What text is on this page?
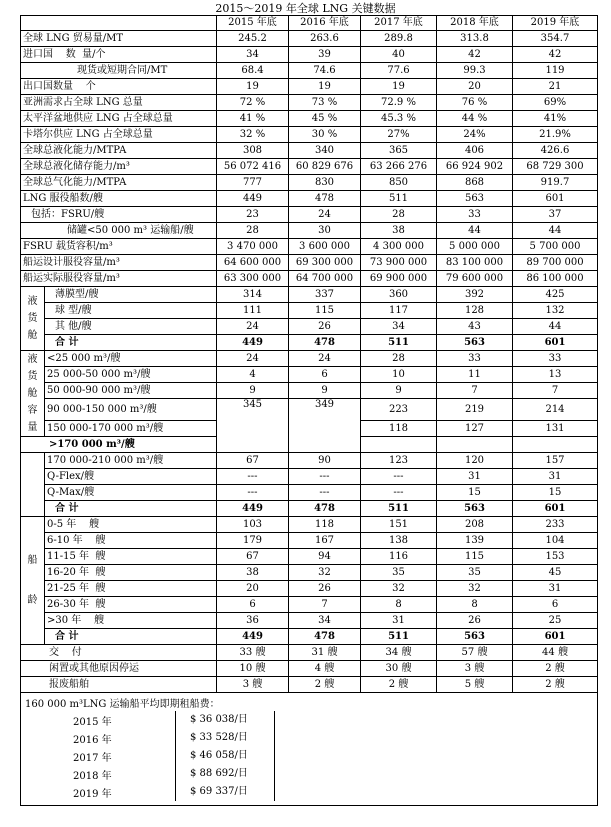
2015～2019 年全球 LNG 关键数据
		2015 年底	2016 年底	2017 年底	2018 年底	2019 年底
全球 LNG 贸易量/MT		245.2	263.6	289.8	313.8	354.7
进口国    数  量/个		34	39	40	42	42
现货或短期合同/MT		68.4	74.6	77.6	99.3	119
出口国数量    个		19	19	19	20	21
亚洲需求占全球 LNG 总量		72 %	73 %	72.9 %	76 %	69%
太平洋盆地供应 LNG 占全球总量		41 %	45 %	45.3 %	44 %	41%
卡塔尔供应 LNG 占全球总量		32 %	30 %	27%	24%	21.9%
全球总液化能力/MTPA		308	340	365	406	426.6
全球总液化储存能力/m³		56 072 416	60 829 676	63 266 276	66 924 902	68 729 300
全球总气化能力/MTPA		777	830	850	868	919.7
LNG 服役船数/艘		449	478	511	563	601
包括：FSRU/艘		23	24	28	33	37
储罐<50 000 m³ 运输船/艘		28	30	38	44	44
FSRU 载货容积/m³		3 470 000	3 600 000	4 300 000	5 000 000	5 700 000
船运设计服役容量/m³		64 600 000	69 300 000	73 900 000	83 100 000	89 700 000
船运实际服役容量/m³		63 300 000	64 700 000	69 900 000	79 600 000	86 100 000
液货舱	薄膜型/艘	314	337	360	392	425
	球 型/艘	111	115	117	128	132
	其 他/艘	24	26	34	43	44
	合 计	449	478	511	563	601
液货舱容量	<25 000 m³/艘	24	24	28	33	33
	25 000-50 000 m³/艘	4	6	10	11	13
	50 000-90 000 m³/艘	9	9	9	7	7
	90 000-150 000 m³/艘	345	349	223	219	214
	150 000-170 000 m³/艘			118	127	131
>170 000 m³/艘						
	170 000-210 000 m³/艘	67	90	123	120	157
	Q-Flex/艘	---	---	---	31	31
	Q-Max/艘	---	---	---	15	15
	合 计	449	478	511	563	601
船龄	0-5 年    艘	103	118	151	208	233
	6-10 年    艘	179	167	138	139	104
	11-15 年  艘	67	94	116	115	153
	16-20 年  艘	38	32	35	35	45
	21-25 年  艘	20	26	32	32	31
	26-30 年  艘	6	7	8	8	6
	>30 年    艘	36	34	31	26	25
	合 计	449	478	511	563	601
交    付		33 艘	31 艘	34 艘	57 艘	44 艘
闲置或其他原因停运		10 艘	4 艘	30 艘	3 艘	2 艘
报废船舶		3 艘	2 艘	2 艘	5 艘	2 艘
160 000 m³LNG 运输船平均即期租船费：
2015 年	$ 36 038/日
2016 年	$ 33 528/日
2017 年	$ 46 058/日
2018 年	$ 88 692/日
2019 年	$ 69 337/日
